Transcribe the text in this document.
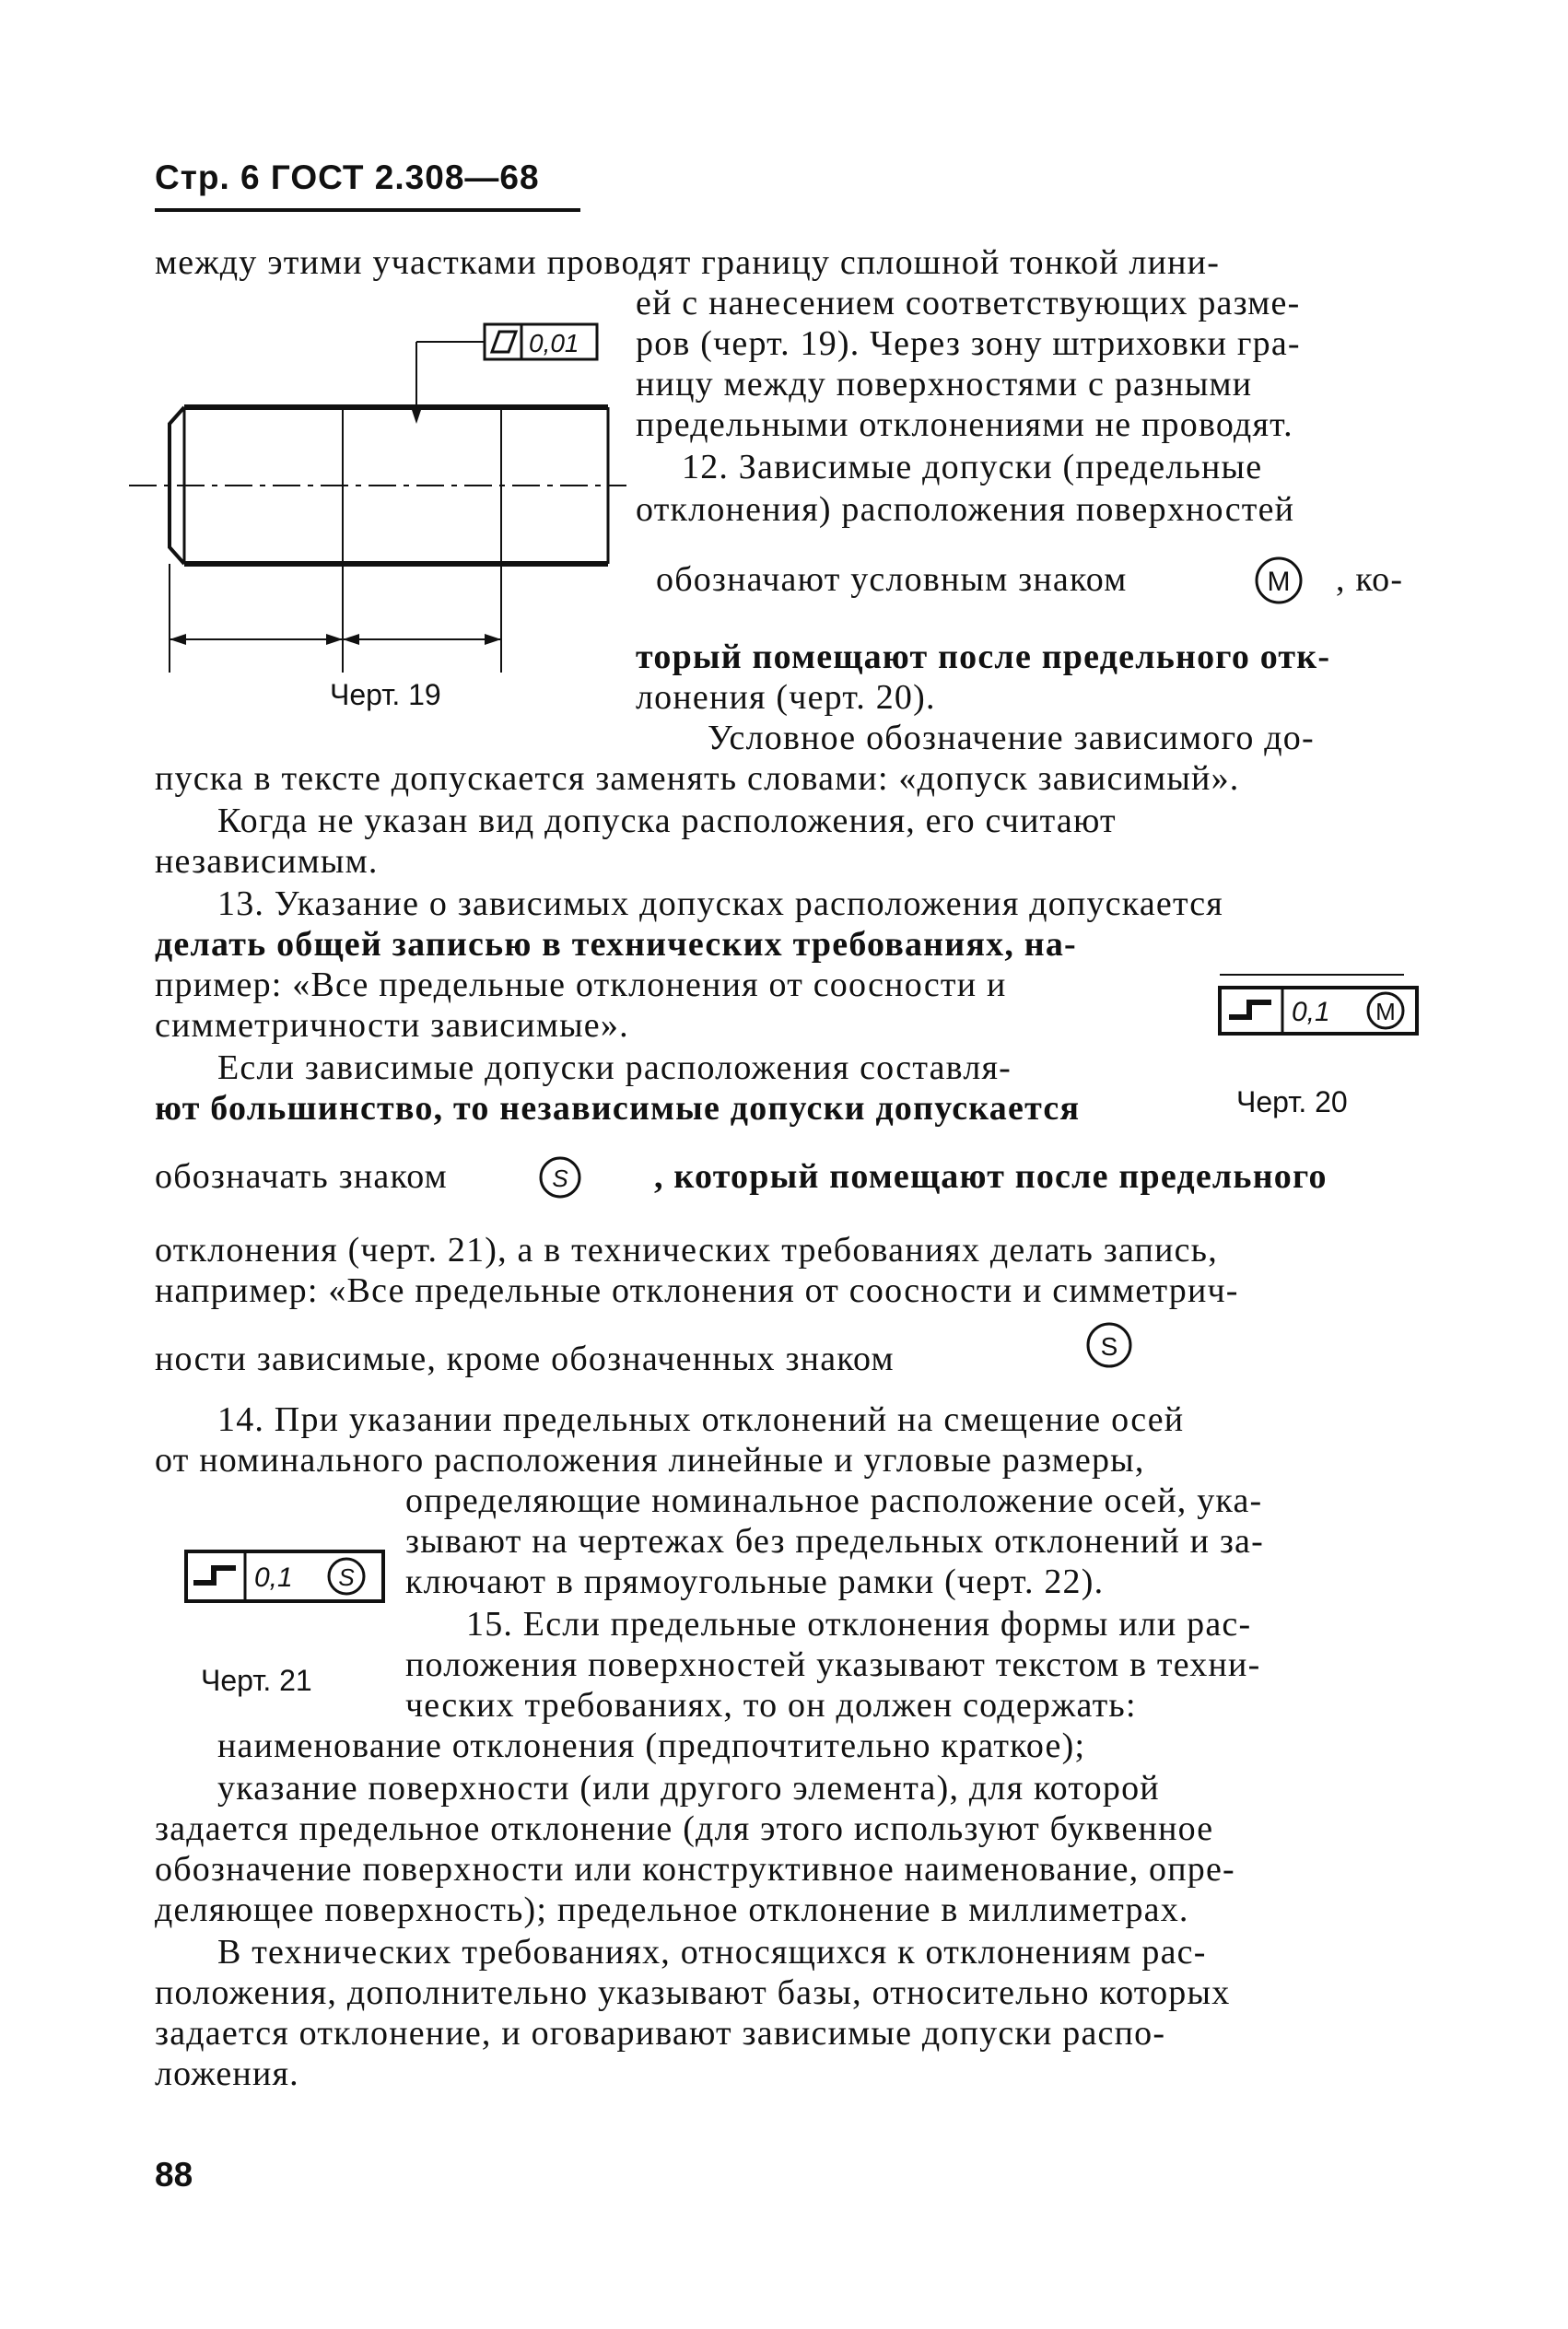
Стр. 6 ГОСТ 2.308—68
0,01
Черт. 19
между этими участками проводят границу сплошной тонкой лини-
ей с нанесением соответствующих разме-
ров (черт. 19). Через зону штриховки гра-
ницу между поверхностями с разными
предельными отклонениями не проводят.
12. Зависимые допуски (предельные
отклонения) расположения поверхностей
обозначают условным знаком	M , ко-
торый помещают после предельного отк-
лонения (черт. 20).
Условное обозначение зависимого до-
пуска в тексте допускается заменять словами: «допуск зависимый».
Когда не указан вид допуска расположения, его считают
независимым.
13. Указание о зависимых допусках расположения допускается
делать общей записью в технических требованиях, на-
пример: «Все предельные отклонения от соосности и
симметричности зависимые».	0,1 M
Черт. 20
Если зависимые допуски расположения составля-
ют большинство, то независимые допуски допускается
обозначать знаком	S , который помещают после предельного
отклонения (черт. 21), а в технических требованиях делать запись,
например: «Все предельные отклонения от соосности и симметрич-
ности зависимые, кроме обозначенных знаком	S
14. При указании предельных отклонений на смещение осей
от номинального расположения линейные и угловые размеры,
определяющие номинальное расположение осей, ука-
зывают на чертежах без предельных отклонений и за-
ключают в прямоугольные рамки (черт. 22).
0,1 S
Черт. 21
15. Если предельные отклонения формы или рас-
положения поверхностей указывают текстом в техни-
ческих требованиях, то он должен содержать:
наименование отклонения (предпочтительно краткое);
указание поверхности (или другого элемента), для которой
задается предельное отклонение (для этого используют буквенное
обозначение поверхности или конструктивное наименование, опре-
деляющее поверхность); предельное отклонение в миллиметрах.
В технических требованиях, относящихся к отклонениям рас-
положения, дополнительно указывают базы, относительно которых
задается отклонение, и оговаривают зависимые допуски распо-
ложения.
88
